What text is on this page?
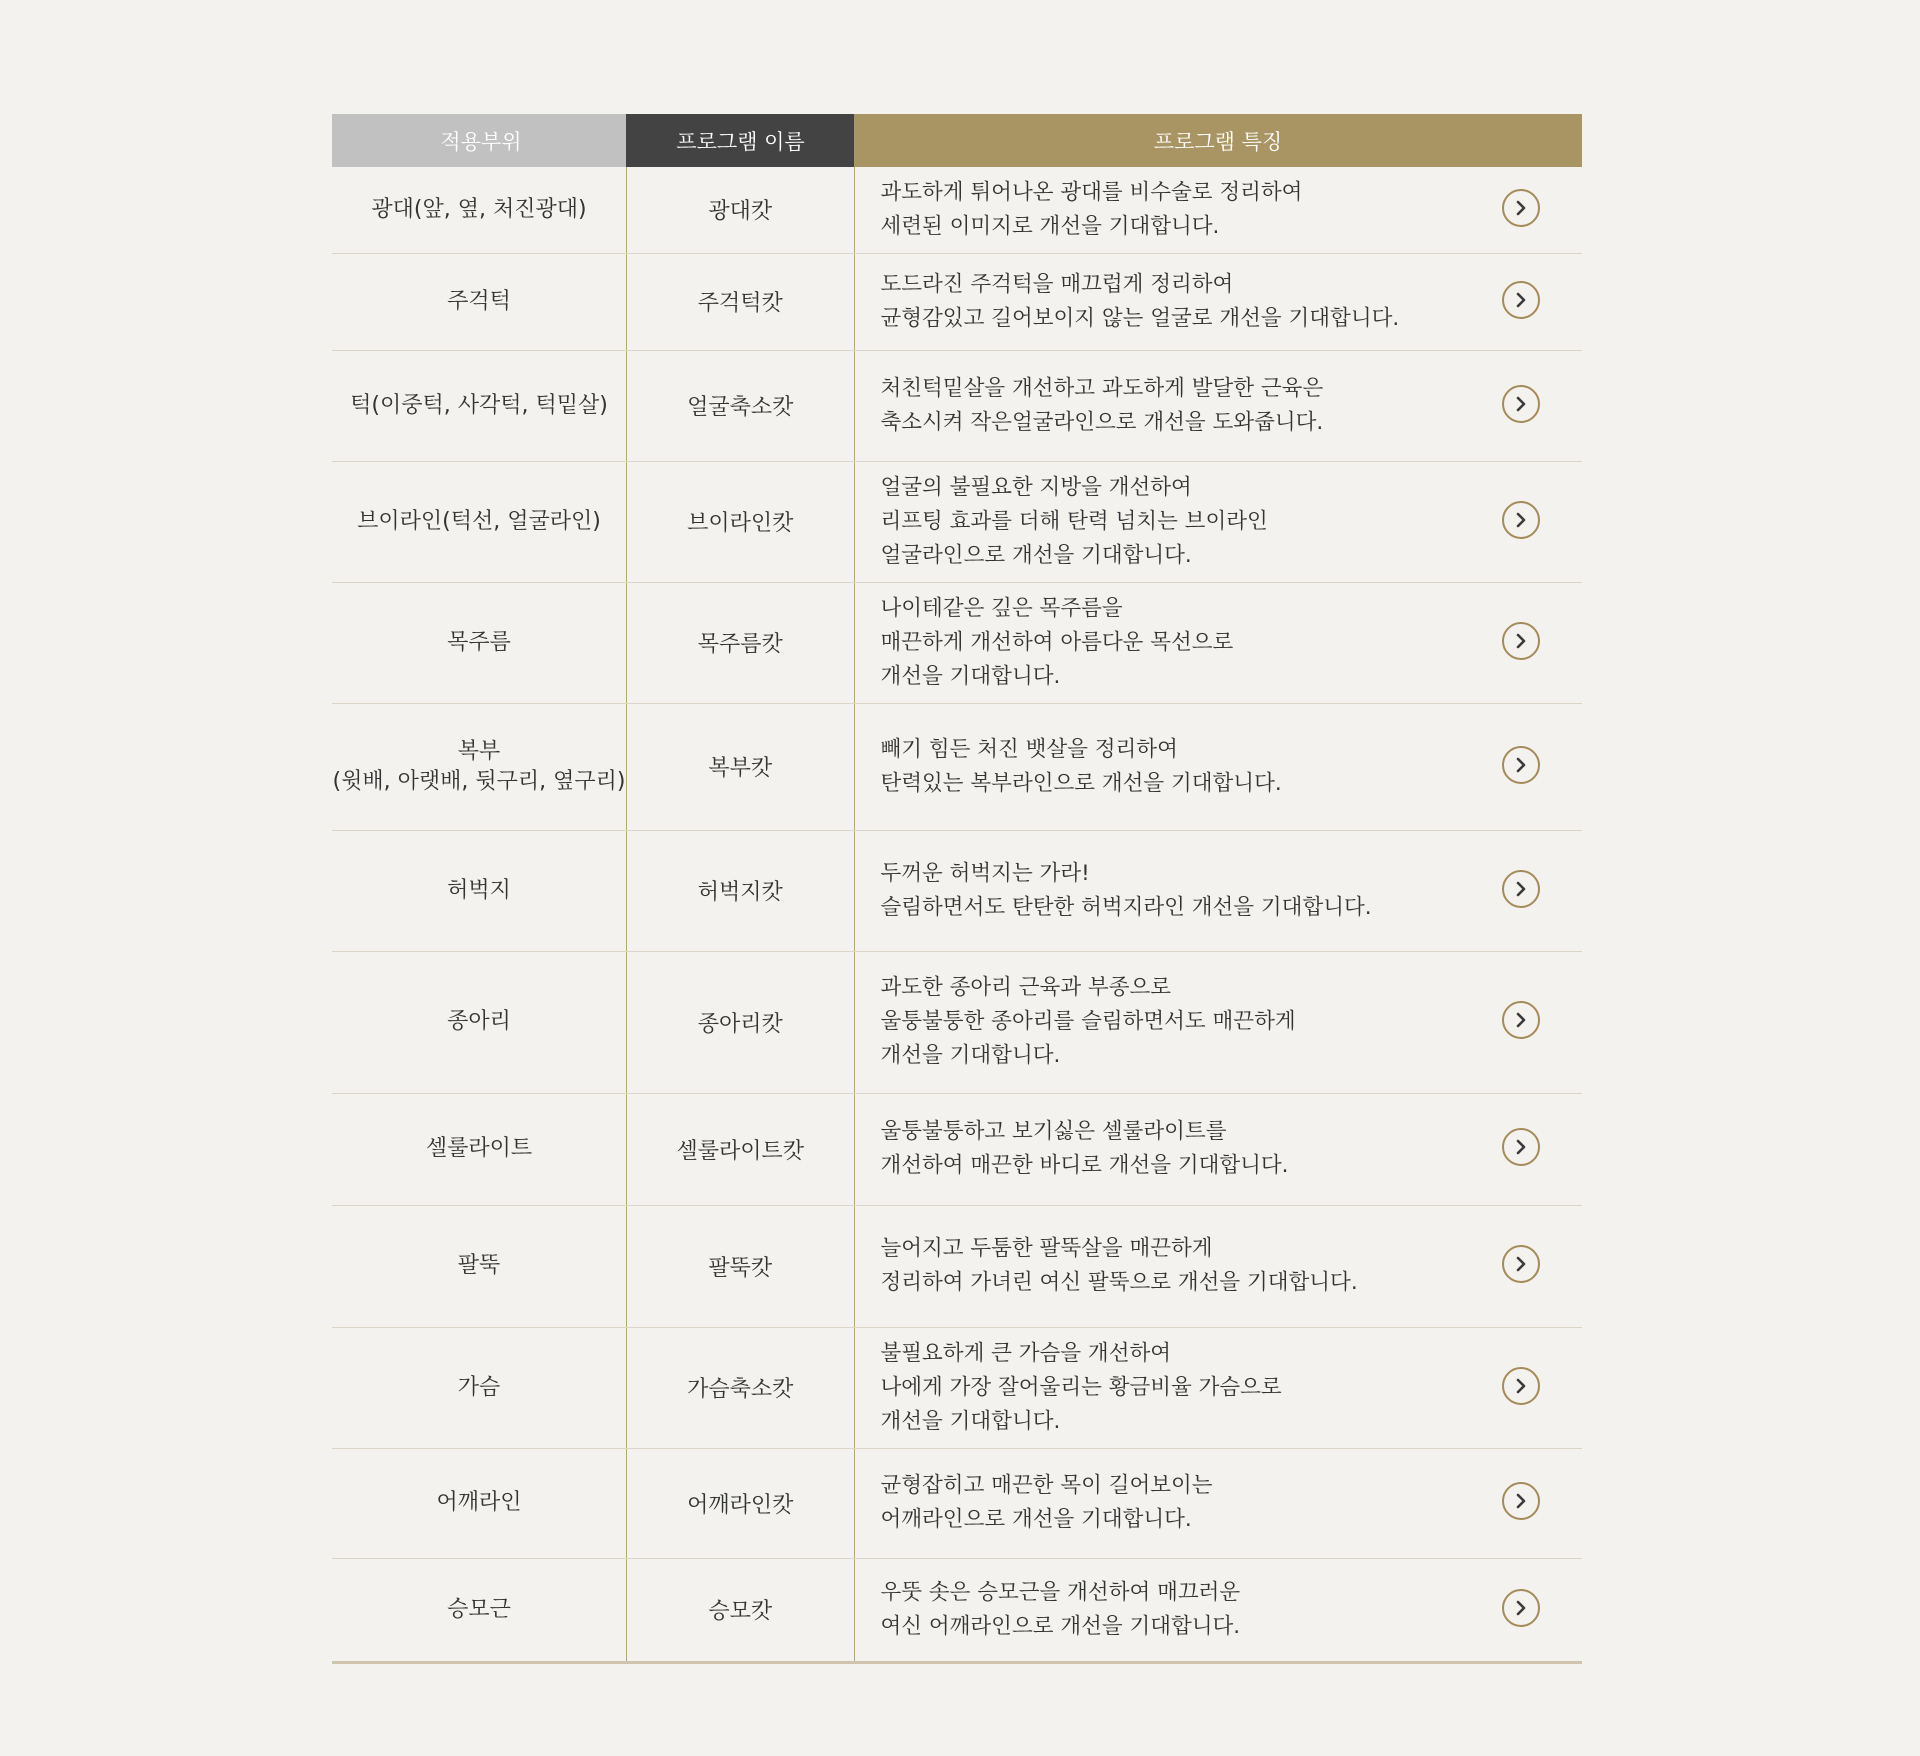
적용부위	프로그램 이름	프로그램 특징

광대(앞, 옆, 처진광대)	광대캇	과도하게 튀어나온 광대를 비수술로 정리하여
세련된 이미지로 개선을 기대합니다.

주걱턱	주걱턱캇	도드라진 주걱턱을 매끄럽게 정리하여
균형감있고 길어보이지 않는 얼굴로 개선을 기대합니다.

턱(이중턱, 사각턱, 턱밑살)	얼굴축소캇	처친턱밑살을 개선하고 과도하게 발달한 근육은
축소시켜 작은얼굴라인으로 개선을 도와줍니다.

브이라인(턱선, 얼굴라인)	브이라인캇	얼굴의 불필요한 지방을 개선하여
리프팅 효과를 더해 탄력 넘치는 브이라인
얼굴라인으로 개선을 기대합니다.

목주름	목주름캇	나이테같은 깊은 목주름을
매끈하게 개선하여 아름다운 목선으로
개선을 기대합니다.

복부
(윗배, 아랫배, 뒷구리, 옆구리)	복부캇	빼기 힘든 처진 뱃살을 정리하여
탄력있는 복부라인으로 개선을 기대합니다.

허벅지	허벅지캇	두꺼운 허벅지는 가라!
슬림하면서도 탄탄한 허벅지라인 개선을 기대합니다.

종아리	종아리캇	과도한 종아리 근육과 부종으로
울퉁불퉁한 종아리를 슬림하면서도 매끈하게
개선을 기대합니다.

셀룰라이트	셀룰라이트캇	울퉁불퉁하고 보기싫은 셀룰라이트를
개선하여 매끈한 바디로 개선을 기대합니다.

팔뚝	팔뚝캇	늘어지고 두툼한 팔뚝살을 매끈하게
정리하여 가녀린 여신 팔뚝으로 개선을 기대합니다.

가슴	가슴축소캇	불필요하게 큰 가슴을 개선하여
나에게 가장 잘어울리는 황금비율 가슴으로
개선을 기대합니다.

어깨라인	어깨라인캇	균형잡히고 매끈한 목이 길어보이는
어깨라인으로 개선을 기대합니다.

승모근	승모캇	우뚯 솟은 승모근을 개선하여 매끄러운
여신 어깨라인으로 개선을 기대합니다.
